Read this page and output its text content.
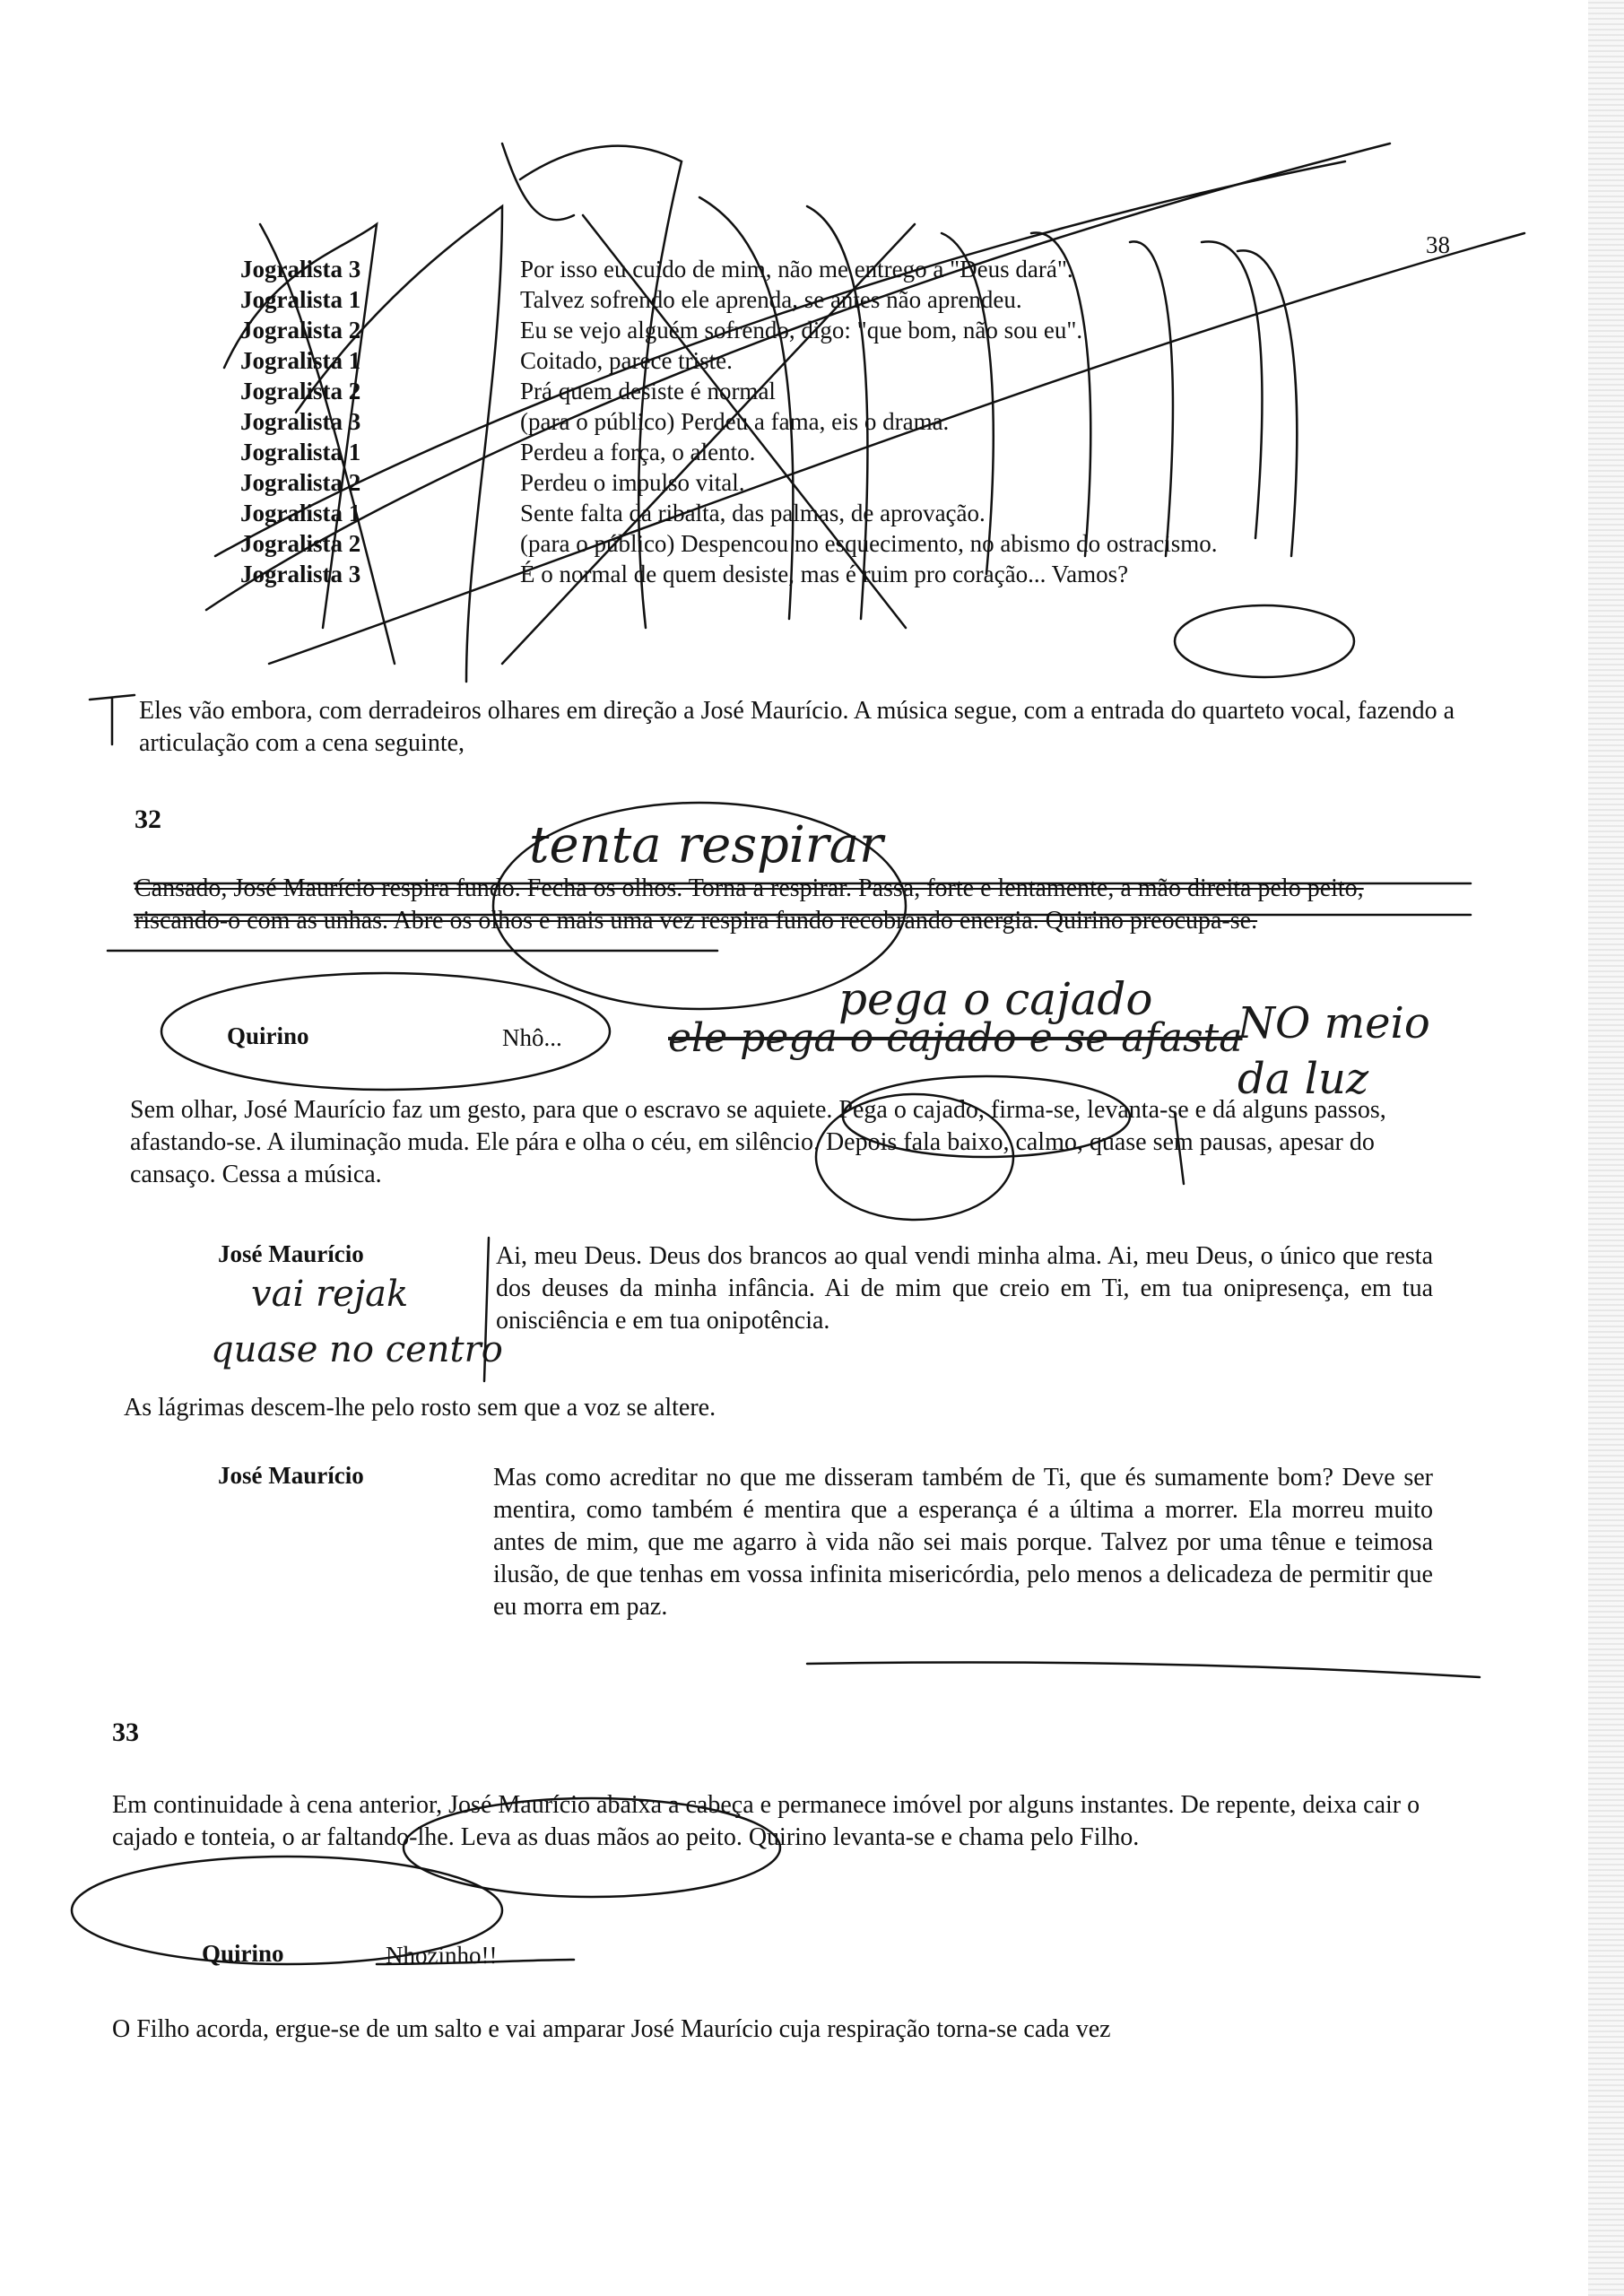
38
Jogralista 3	Por isso eu cuido de mim, não me entrego a "Deus dará".
Jogralista 1	Talvez sofrendo ele aprenda, se antes não aprendeu.
Jogralista 2	Eu se vejo alguém sofrendo, digo: "que bom, não sou eu".
Jogralista 1	Coitado, parece triste.
Jogralista 2	Prá quem desiste é normal
Jogralista 3	(para o público) Perdeu a fama, eis o drama.
Jogralista 1	Perdeu a força, o alento.
Jogralista 2	Perdeu o impulso vital.
Jogralista 1	Sente falta da ribalta, das palmas, de aprovação.
Jogralista 2	(para o público) Despencou no esquecimento, no abismo do ostracismo.
Jogralista 3	É o normal de quem desiste, mas é ruim pro coração... Vamos?
Eles vão embora, com derradeiros olhares em direção a José Maurício. A música segue, com a entrada do quarteto vocal, fazendo a articulação com a cena seguinte,
32
Cansado, José Maurício respira fundo. Fecha os olhos. Torna a respirar. Passa, forte e lentamente, a mão direita pelo peito, riscando-o com as unhas. Abre os olhos e mais uma vez respira fundo recobrando energia. Quirino preocupa-se.
Quirino	Nhô...
Sem olhar, José Maurício faz um gesto, para que o escravo se aquiete. Pega o cajado, firma-se, levanta-se e dá alguns passos, afastando-se. A iluminação muda. Ele pára e olha o céu, em silêncio. Depois fala baixo, calmo, quase sem pausas, apesar do cansaço. Cessa a música.
José Maurício	Ai, meu Deus. Deus dos brancos ao qual vendi minha alma. Ai, meu Deus, o único que resta dos deuses da minha infância. Ai de mim que creio em Ti, em tua onipresença, em tua onisciência e em tua onipotência.
As lágrimas descem-lhe pelo rosto sem que a voz se altere.
José Maurício	Mas como acreditar no que me disseram também de Ti, que és sumamente bom? Deve ser mentira, como também é mentira que a esperança é a última a morrer. Ela morreu muito antes de mim, que me agarro à vida não sei mais porque. Talvez por uma tênue e teimosa ilusão, de que tenhas em vossa infinita misericórdia, pelo menos a delicadeza de permitir que eu morra em paz.
33
Em continuidade à cena anterior, José Maurício abaixa a cabeça e permanece imóvel por alguns instantes. De repente, deixa cair o cajado e tonteia, o ar faltando-lhe. Leva as duas mãos ao peito. Quirino levanta-se e chama pelo Filho.
Quirino	Nhozinho!!
O Filho acorda, ergue-se de um salto e vai amparar José Maurício cuja respiração torna-se cada vez
tenta respirar
pega o cajado
ele pega o cajado e se afasta
NO meio da luz
vai rejak
quase no centro
